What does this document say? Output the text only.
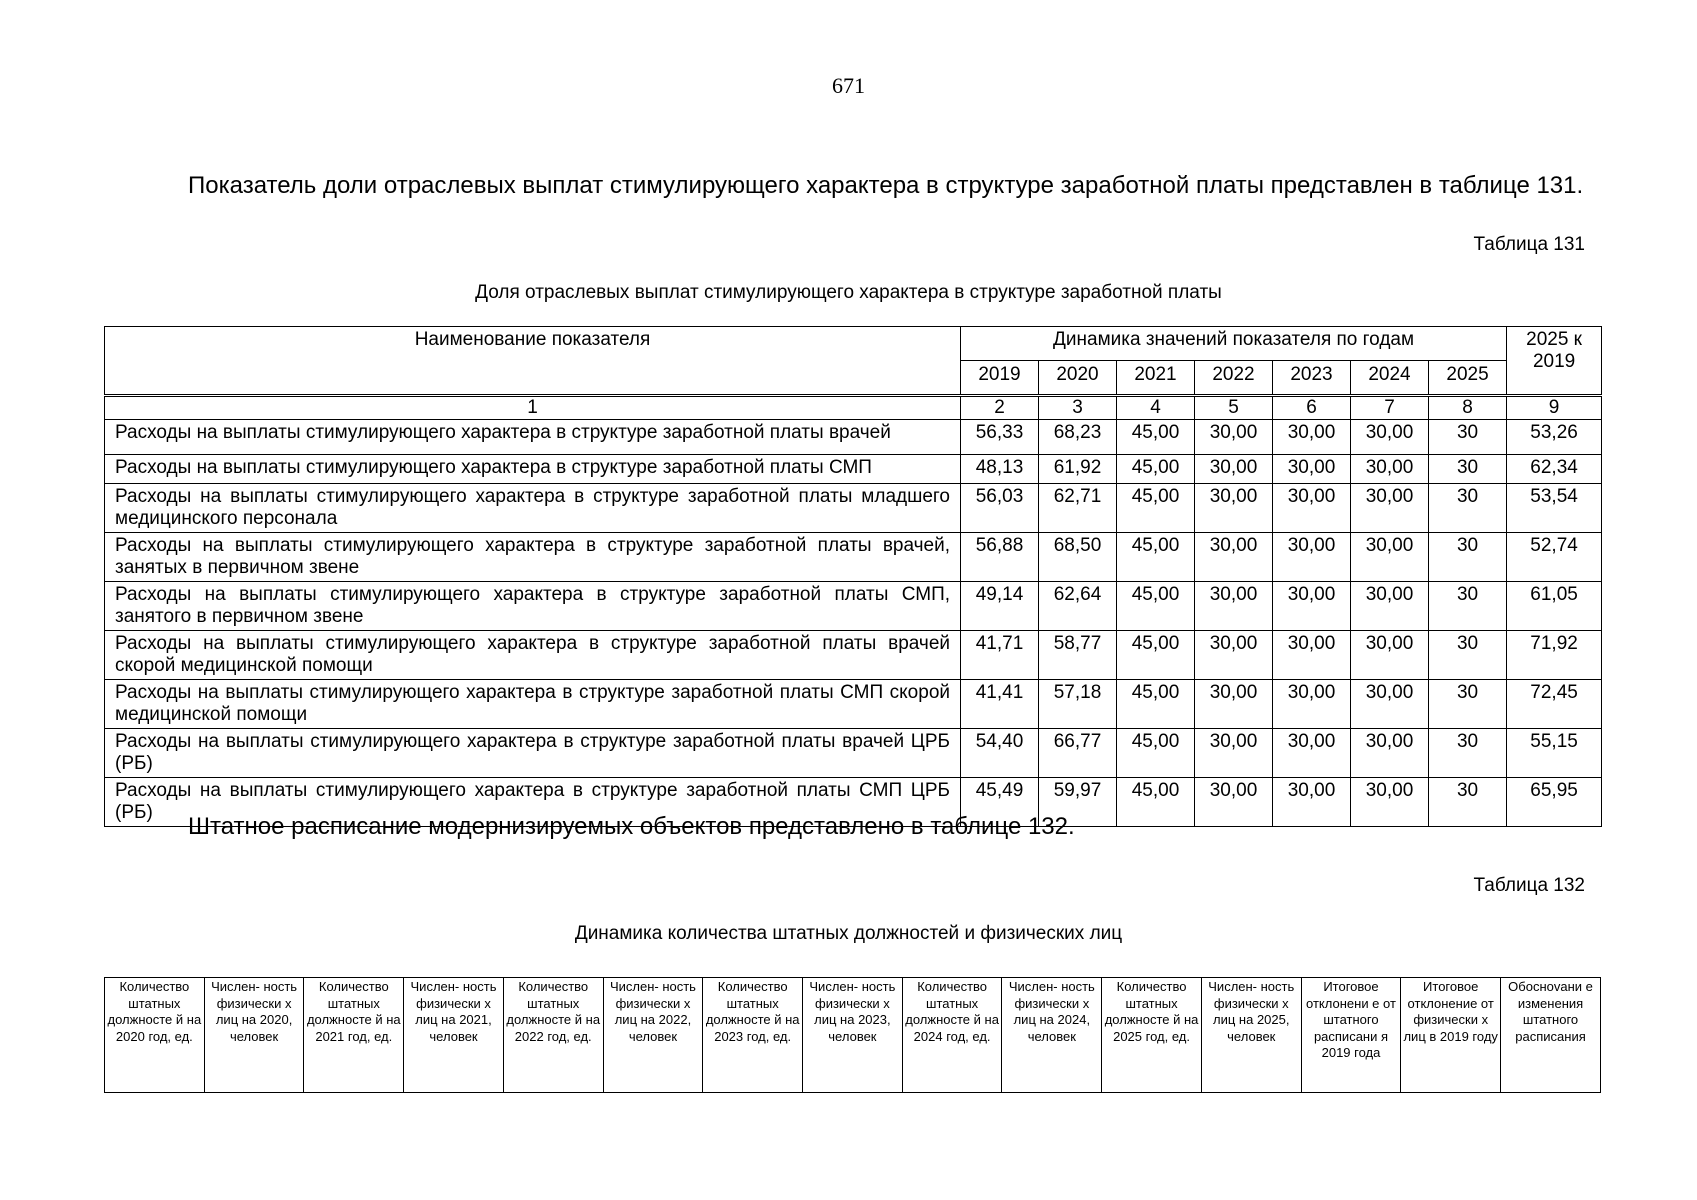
671

Показатель доли отраслевых выплат стимулирующего характера в структуре заработной платы представлен в таблице 131.

Таблица 131
Доля отраслевых выплат стимулирующего характера в структуре заработной платы
Наименование показателя	Динамика значений показателя по годам							2025 к 2019
	2019	2020	2021	2022	2023	2024	2025	
1	2	3	4	5	6	7	8	9
Расходы на выплаты стимулирующего характера в структуре заработной платы врачей	56,33	68,23	45,00	30,00	30,00	30,00	30	53,26
Расходы на выплаты стимулирующего характера в структуре заработной платы СМП	48,13	61,92	45,00	30,00	30,00	30,00	30	62,34
Расходы на выплаты стимулирующего характера в структуре заработной платы младшего медицинского персонала	56,03	62,71	45,00	30,00	30,00	30,00	30	53,54
Расходы на выплаты стимулирующего характера в структуре заработной платы врачей, занятых в первичном звене	56,88	68,50	45,00	30,00	30,00	30,00	30	52,74
Расходы на выплаты стимулирующего характера в структуре заработной платы СМП, занятого в первичном звене	49,14	62,64	45,00	30,00	30,00	30,00	30	61,05
Расходы на выплаты стимулирующего характера в структуре заработной платы врачей скорой медицинской помощи	41,71	58,77	45,00	30,00	30,00	30,00	30	71,92
Расходы на выплаты стимулирующего характера в структуре заработной платы СМП скорой медицинской помощи	41,41	57,18	45,00	30,00	30,00	30,00	30	72,45
Расходы на выплаты стимулирующего характера в структуре заработной платы врачей ЦРБ (РБ)	54,40	66,77	45,00	30,00	30,00	30,00	30	55,15
Расходы на выплаты стимулирующего характера в структуре заработной платы СМП ЦРБ (РБ)	45,49	59,97	45,00	30,00	30,00	30,00	30	65,95

Штатное расписание модернизируемых объектов представлено в таблице 132.

Таблица 132
Динамика количества штатных должностей и физических лиц
Количество штатных должносте й на 2020 год, ед.	Числен- ность физически х лиц на 2020, человек	Количество штатных должносте й на 2021 год, ед.	Числен- ность физически х лиц на 2021, человек	Количество штатных должносте й на 2022 год, ед.	Числен- ность физически х лиц на 2022, человек	Количество штатных должносте й на 2023 год, ед.	Числен- ность физически х лиц на 2023, человек	Количество штатных должносте й на 2024 год, ед.	Числен- ность физически х лиц на 2024, человек	Количество штатных должносте й на 2025 год, ед.	Числен- ность физически х лиц на 2025, человек	Итоговое отклонени е от штатного расписани я 2019 года	Итоговое отклонение от физически х лиц в 2019 году	Обоснovани е изменения штатного расписания
